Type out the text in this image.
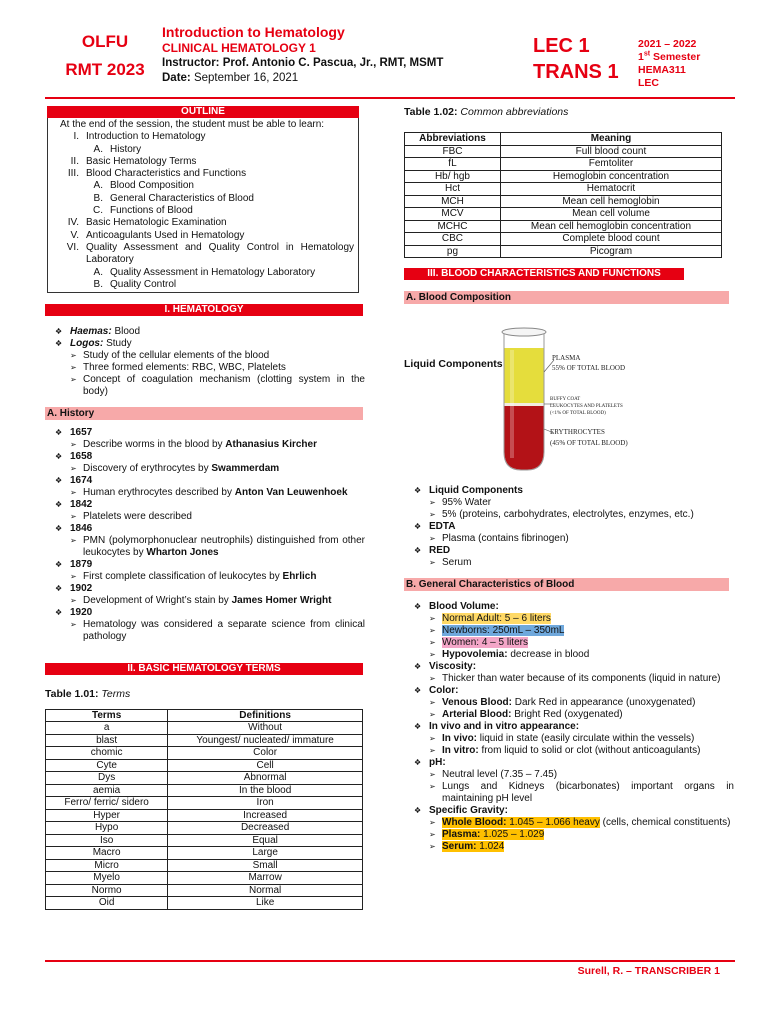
OLFU
RMT 2023
Introduction to Hematology
CLINICAL HEMATOLOGY 1
Instructor: Prof. Antonio C. Pascua, Jr., RMT, MSMT
Date: September 16, 2021
LEC 1
TRANS 1
2021 – 2022
1st Semester
HEMA311
LEC
OUTLINE
At the end of the session, the student must be able to learn:
I. Introduction to Hematology
A. History
II. Basic Hematology Terms
III. Blood Characteristics and Functions
A. Blood Composition
B. General Characteristics of Blood
C. Functions of Blood
IV. Basic Hematologic Examination
V. Anticoagulants Used in Hematology
VI. Quality Assessment and Quality Control in Hematology Laboratory
A. Quality Assessment in Hematology Laboratory
B. Quality Control
I. HEMATOLOGY
❖ Haemas: Blood
❖ Logos: Study
➢ Study of the cellular elements of the blood
➢ Three formed elements: RBC, WBC, Platelets
➢ Concept of coagulation mechanism (clotting system in the body)
A. History
❖ 1657
➢ Describe worms in the blood by Athanasius Kircher
❖ 1658
➢ Discovery of erythrocytes by Swammerdam
❖ 1674
➢ Human erythrocytes described by Anton Van Leuwenhoek
❖ 1842
➢ Platelets were described
❖ 1846
➢ PMN (polymorphonuclear neutrophils) distinguished from other leukocytes by Wharton Jones
❖ 1879
➢ First complete classification of leukocytes by Ehrlich
❖ 1902
➢ Development of Wright’s stain by James Homer Wright
❖ 1920
➢ Hematology was considered a separate science from clinical pathology
II. BASIC HEMATOLOGY TERMS
Table 1.01: Terms
Terms	Definitions
a	Without
blast	Youngest/ nucleated/ immature
chomic	Color
Cyte	Cell
Dys	Abnormal
aemia	In the blood
Ferro/ ferric/ sidero	Iron
Hyper	Increased
Hypo	Decreased
Iso	Equal
Macro	Large
Micro	Small
Myelo	Marrow
Normo	Normal
Oid	Like
Table 1.02: Common abbreviations
Abbreviations	Meaning
FBC	Full blood count
fL	Femtoliter
Hb/ hgb	Hemoglobin concentration
Hct	Hematocrit
MCH	Mean cell hemoglobin
MCV	Mean cell volume
MCHC	Mean cell hemoglobin concentration
CBC	Complete blood count
pg	Picogram
III. BLOOD CHARACTERISTICS AND FUNCTIONS
A. Blood Composition
Liquid Components	PLASMA
55% OF TOTAL BLOOD
BUFFY COAT
LEUKOCYTES AND PLATELETS
(<1% OF TOTAL BLOOD)
ERYTHROCYTES
(45% OF TOTAL BLOOD)
❖ Liquid Components
➢ 95% Water
➢ 5% (proteins, carbohydrates, electrolytes, enzymes, etc.)
❖ EDTA
➢ Plasma (contains fibrinogen)
❖ RED
➢ Serum
B. General Characteristics of Blood
❖ Blood Volume:
➢ Normal Adult: 5 – 6 liters
➢ Newborns: 250mL – 350mL
➢ Women: 4 – 5 liters
➢ Hypovolemia: decrease in blood
❖ Viscosity:
➢ Thicker than water because of its components (liquid in nature)
❖ Color:
➢ Venous Blood: Dark Red in appearance (unoxygenated)
➢ Arterial Blood: Bright Red (oxygenated)
❖ In vivo and in vitro appearance:
➢ In vivo: liquid in state (easily circulate within the vessels)
➢ In vitro: from liquid to solid or clot (without anticoagulants)
❖ pH:
➢ Neutral level (7.35 – 7.45)
➢ Lungs and Kidneys (bicarbonates) important organs in maintaining pH level
❖ Specific Gravity:
➢ Whole Blood: 1.045 – 1.066 heavy (cells, chemical constituents)
➢ Plasma: 1.025 – 1.029
➢ Serum: 1.024
Surell, R. – TRANSCRIBER 1
